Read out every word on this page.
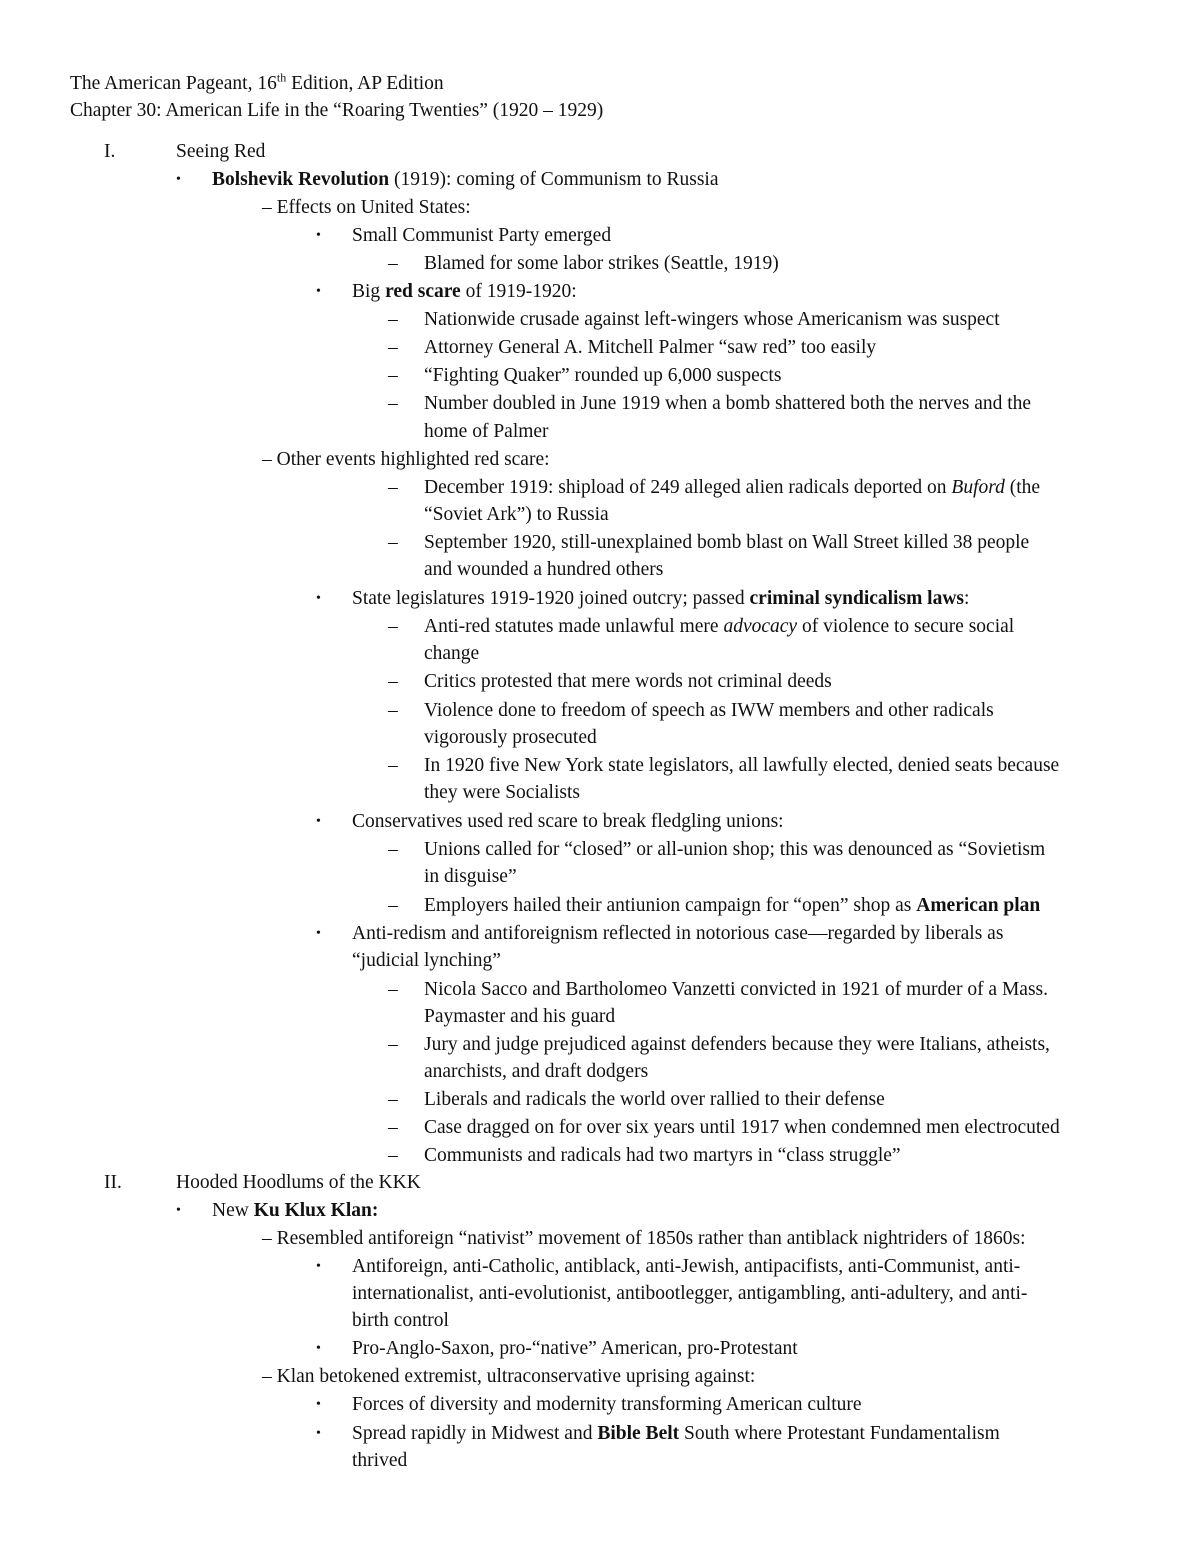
The American Pageant, 16th Edition, AP Edition
Chapter 30: American Life in the “Roaring Twenties” (1920 – 1929)
I.	Seeing Red
• Bolshevik Revolution (1919): coming of Communism to Russia
– Effects on United States:
• Small Communist Party emerged
– Blamed for some labor strikes (Seattle, 1919)
• Big red scare of 1919-1920:
– Nationwide crusade against left-wingers whose Americanism was suspect
– Attorney General A. Mitchell Palmer “saw red” too easily
– “Fighting Quaker” rounded up 6,000 suspects
– Number doubled in June 1919 when a bomb shattered both the nerves and the
home of Palmer
– Other events highlighted red scare:
– December 1919: shipload of 249 alleged alien radicals deported on Buford (the
“Soviet Ark”) to Russia
– September 1920, still-unexplained bomb blast on Wall Street killed 38 people
and wounded a hundred others
• State legislatures 1919-1920 joined outcry; passed criminal syndicalism laws:
– Anti-red statutes made unlawful mere advocacy of violence to secure social
change
– Critics protested that mere words not criminal deeds
– Violence done to freedom of speech as IWW members and other radicals
vigorously prosecuted
– In 1920 five New York state legislators, all lawfully elected, denied seats because
they were Socialists
• Conservatives used red scare to break fledgling unions:
– Unions called for “closed” or all-union shop; this was denounced as “Sovietism
in disguise”
– Employers hailed their antiunion campaign for “open” shop as American plan
• Anti-redism and antiforeignism reflected in notorious case—regarded by liberals as
“judicial lynching”
– Nicola Sacco and Bartholomeo Vanzetti convicted in 1921 of murder of a Mass.
Paymaster and his guard
– Jury and judge prejudiced against defenders because they were Italians, atheists,
anarchists, and draft dodgers
– Liberals and radicals the world over rallied to their defense
– Case dragged on for over six years until 1917 when condemned men electrocuted
– Communists and radicals had two martyrs in “class struggle”
II.	Hooded Hoodlums of the KKK
• New Ku Klux Klan:
– Resembled antiforeign “nativist” movement of 1850s rather than antiblack nightriders of 1860s:
• Antiforeign, anti-Catholic, antiblack, anti-Jewish, antipacifists, anti-Communist, anti-
internationalist, anti-evolutionist, antibootlegger, antigambling, anti-adultery, and anti-
birth control
• Pro-Anglo-Saxon, pro-“native” American, pro-Protestant
– Klan betokened extremist, ultraconservative uprising against:
• Forces of diversity and modernity transforming American culture
• Spread rapidly in Midwest and Bible Belt South where Protestant Fundamentalism
thrived
